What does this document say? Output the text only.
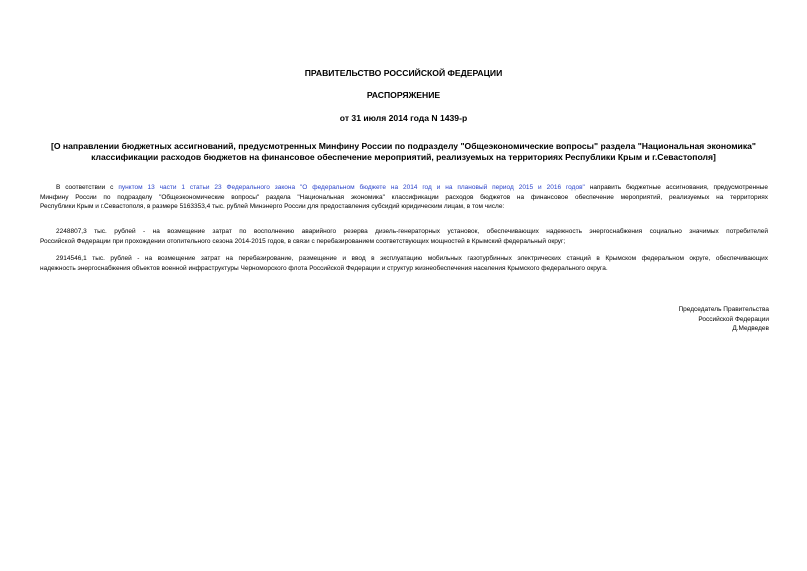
ПРАВИТЕЛЬСТВО РОССИЙСКОЙ ФЕДЕРАЦИИ
РАСПОРЯЖЕНИЕ
от 31 июля 2014 года N 1439-р
[О направлении бюджетных ассигнований, предусмотренных Минфину России по подразделу "Общеэкономические вопросы" раздела "Национальная экономика"
классификации расходов бюджетов на финансовое обеспечение мероприятий, реализуемых на территориях Республики Крым и г.Севастополя]
В соответствии с пунктом 13 части 1 статьи 23 Федерального закона "О федеральном бюджете на 2014 год и на плановый период 2015 и 2016 годов" направить бюджетные ассигнования, предусмотренные
Минфину России по подразделу "Общеэкономические вопросы" раздела "Национальная экономика" классификации расходов бюджетов на финансовое обеспечение мероприятий, реализуемых на территориях
Республики Крым и г.Севастополя, в размере 5163353,4 тыс. рублей Минэнерго России для предоставления субсидий юридическим лицам, в том числе:
2248807,3 тыс. рублей - на возмещение затрат по восполнению аварийного резерва дизель-генераторных установок, обеспечивающих надежность энергоснабжения социально значимых потребителей
Российской Федерации при прохождении отопительного сезона 2014-2015 годов, в связи с перебазированием соответствующих мощностей в Крымский федеральный округ;
2914546,1 тыс. рублей - на возмещение затрат на перебазирование, размещение и ввод в эксплуатацию мобильных газотурбинных электрических станций в Крымском федеральном округе, обеспечивающих
надежность энергоснабжения объектов военной инфраструктуры Черноморского флота Российской Федерации и структур жизнеобеспечения населения Крымского федерального округа.
Председатель Правительства
Российской Федерации
Д.Медведев
